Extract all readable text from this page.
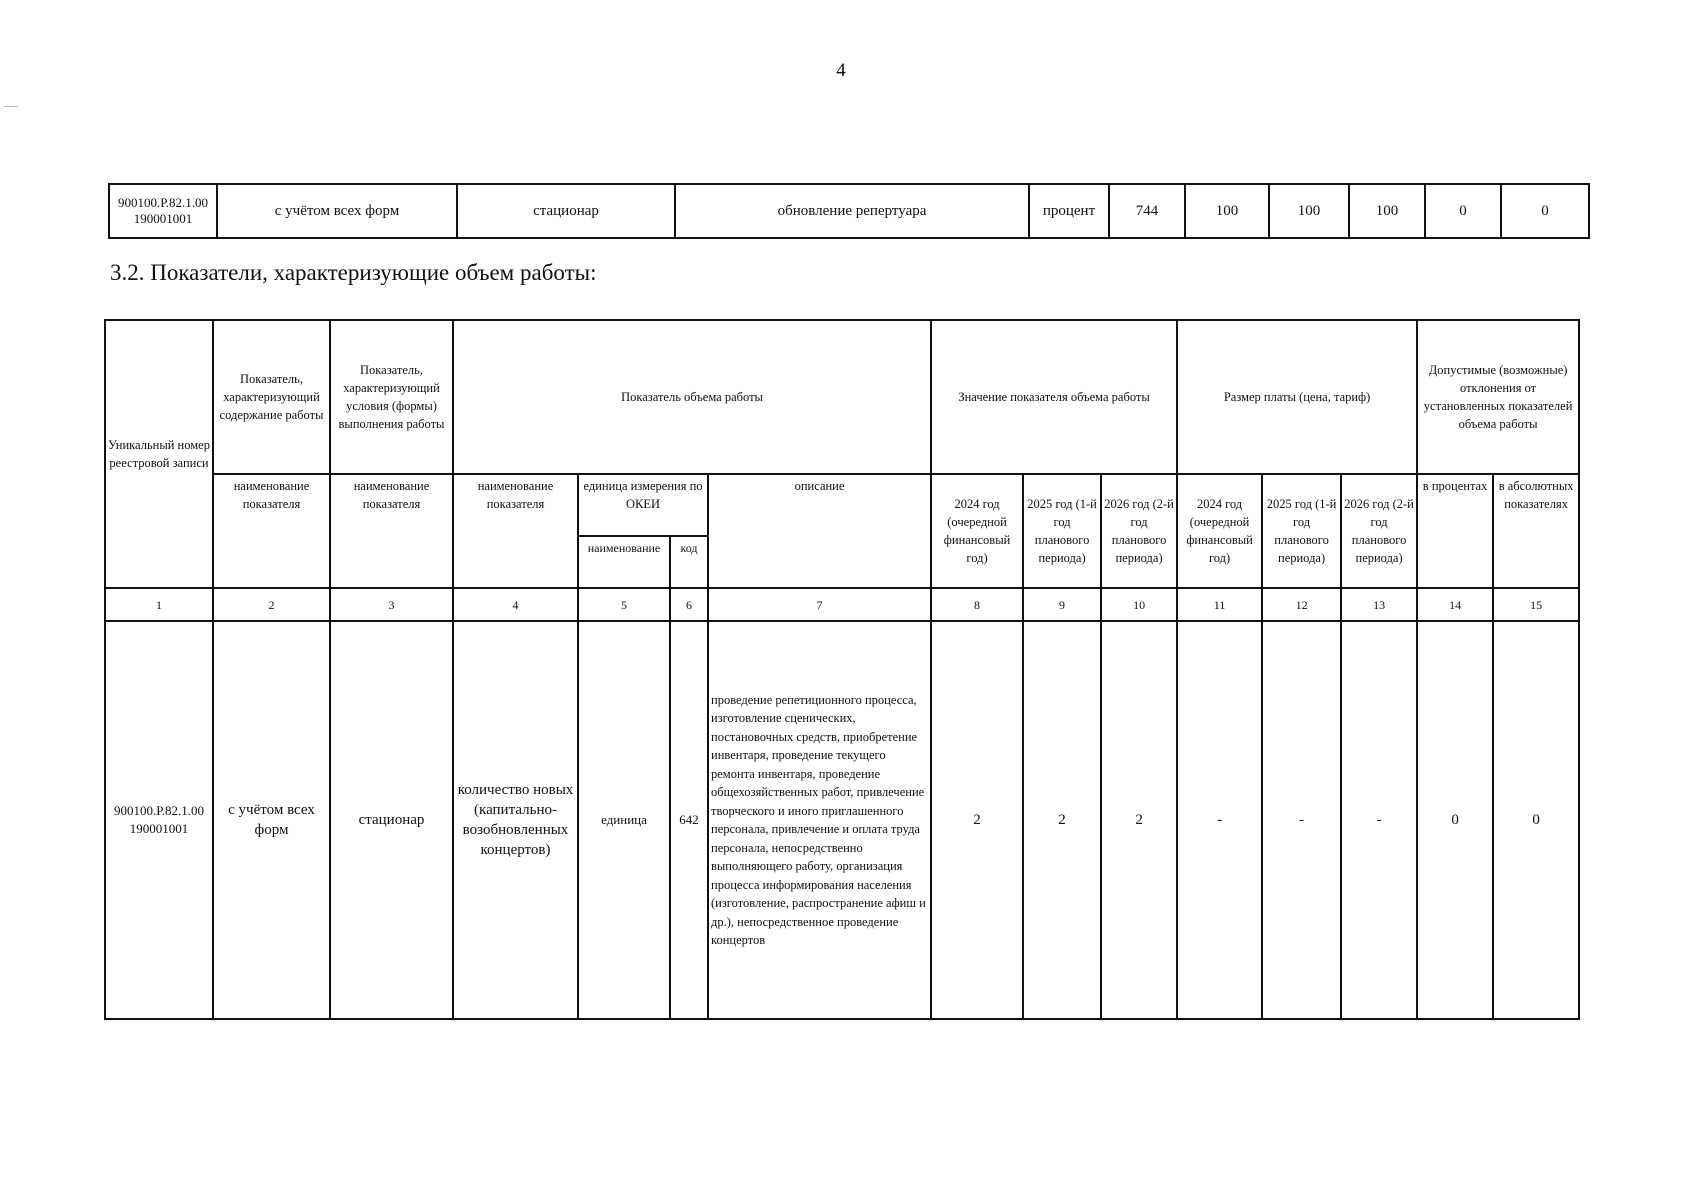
4
900100.Р.82.1.00 190001001	с учётом всех форм	стационар	обновление репертуара	процент	744	100	100	100	0	0
3.2. Показатели, характеризующие объем работы:
Уникальный номер реестровой записи	Показатель, характеризующий содержание работы	Показатель, характеризующий условия (формы) выполнения работы	Показатель объема работы				Значение показателя объема работы			Размер платы (цена, тариф)			Допустимые (возможные) отклонения от установленных показателей объема работы	
	наименование показателя	наименование показателя	наименование показателя	единица измерения по ОКЕИ		описание	2024 год (очередной финансовый год)	2025 год (1-й год планового периода)	2026 год (2-й год планового периода)	2024 год (очередной финансовый год)	2025 год (1-й год планового периода)	2026 год (2-й год планового периода)	в процентах	в абсолютных показателях
				наименование	код									
1	2	3	4	5	6	7	8	9	10	11	12	13	14	15
900100.Р.82.1.00 190001001	с учётом всех форм	стационар	количество новых (капитально-возобновленных концертов)	единица	642	проведение репетиционного процесса, изготовление сценических, постановочных средств, приобретение инвентаря, проведение текущего ремонта инвентаря, проведение общехозяйственных работ, привлечение творческого и иного приглашенного персонала, привлечение и оплата труда персонала, непосредственно выполняющего работу, организация процесса информирования населения (изготовление, распространение афиш и др.), непосредственное проведение концертов	2	2	2	-	-	-	0	0
